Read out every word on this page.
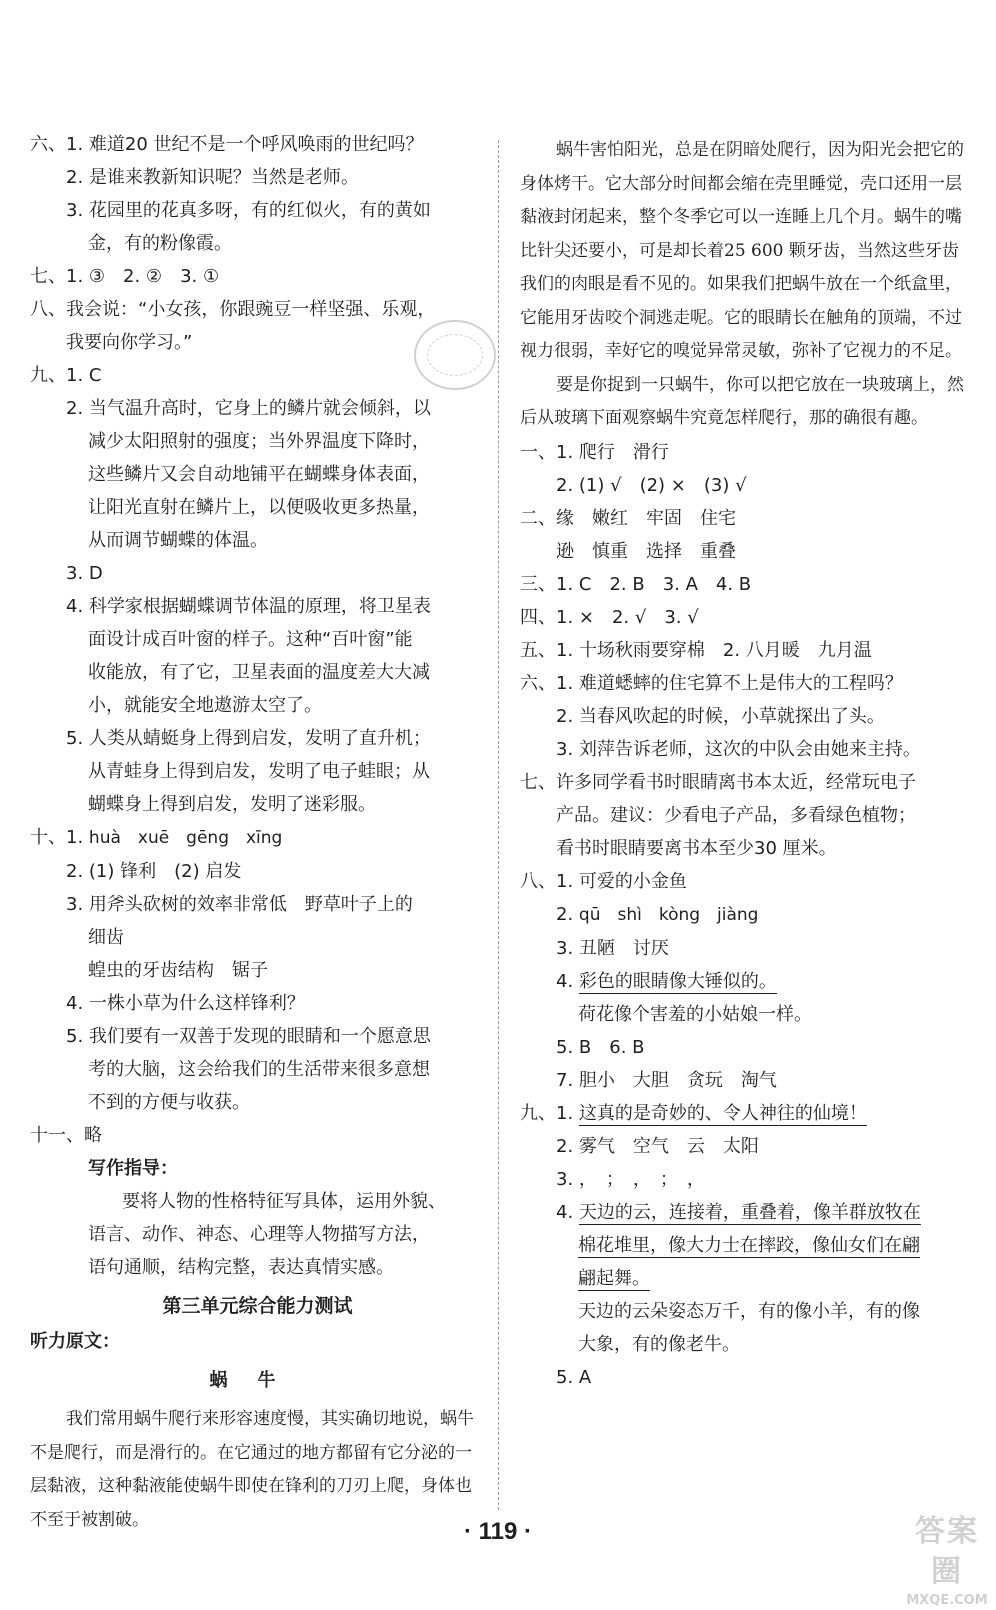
六、1. 难道20 世纪不是一个呼风唤雨的世纪吗？
2. 是谁来教新知识呢？当然是老师。
3. 花园里的花真多呀，有的红似火，有的黄如
金，有的粉像霞。
七、1. ③　2. ②　3. ①
八、我会说：“小女孩，你跟豌豆一样坚强、乐观，
我要向你学习。”
九、1. C
2. 当气温升高时，它身上的鳞片就会倾斜，以
减少太阳照射的强度；当外界温度下降时，
这些鳞片又会自动地铺平在蝴蝶身体表面，
让阳光直射在鳞片上，以便吸收更多热量，
从而调节蝴蝶的体温。
3. D
4. 科学家根据蝴蝶调节体温的原理，将卫星表
面设计成百叶窗的样子。这种“百叶窗”能
收能放，有了它，卫星表面的温度差大大减
小，就能安全地遨游太空了。
5. 人类从蜻蜓身上得到启发，发明了直升机；
从青蛙身上得到启发，发明了电子蛙眼；从
蝴蝶身上得到启发，发明了迷彩服。
十、1. huà　xuē　gēng　xīng
2. (1) 锋利　(2) 启发
3. 用斧头砍树的效率非常低　野草叶子上的
细齿
蝗虫的牙齿结构　锯子
4. 一株小草为什么这样锋利？
5. 我们要有一双善于发现的眼睛和一个愿意思
考的大脑，这会给我们的生活带来很多意想
不到的方便与收获。
十一、略
写作指导：
要将人物的性格特征写具体，运用外貌、
语言、动作、神态、心理等人物描写方法，
语句通顺，结构完整，表达真情实感。
第三单元综合能力测试
听力原文：
蜗牛
我们常用蜗牛爬行来形容速度慢，其实确切地说，蜗牛不是爬行，而是滑行的。在它通过的地方都留有它分泌的一层黏液，这种黏液能使蜗牛即使在锋利的刀刃上爬，身体也不至于被割破。
蜗牛害怕阳光，总是在阴暗处爬行，因为阳光会把它的身体烤干。它大部分时间都会缩在壳里睡觉，壳口还用一层黏液封闭起来，整个冬季它可以一连睡上几个月。蜗牛的嘴比针尖还要小，可是却长着25 600 颗牙齿，当然这些牙齿我们的肉眼是看不见的。如果我们把蜗牛放在一个纸盒里，它能用牙齿咬个洞逃走呢。它的眼睛长在触角的顶端，不过视力很弱，幸好它的嗅觉异常灵敏，弥补了它视力的不足。
要是你捉到一只蜗牛，你可以把它放在一块玻璃上，然后从玻璃下面观察蜗牛究竟怎样爬行，那的确很有趣。
一、1. 爬行　滑行
2. (1) √　(2) ×　(3) √
二、缘　嫩红　牢固　住宅
逊　慎重　选择　重叠
三、1. C　2. B　3. A　4. B
四、1. ×　2. √　3. √
五、1. 十场秋雨要穿棉　2. 八月暖　九月温
六、1. 难道蟋蟀的住宅算不上是伟大的工程吗？
2. 当春风吹起的时候，小草就探出了头。
3. 刘萍告诉老师，这次的中队会由她来主持。
七、许多同学看书时眼睛离书本太近，经常玩电子
产品。建议：少看电子产品，多看绿色植物；
看书时眼睛要离书本至少30 厘米。
八、1. 可爱的小金鱼
2. qū　shì　kòng　jiàng
3. 丑陋　讨厌
4. 彩色的眼睛像大锤似的。
荷花像个害羞的小姑娘一样。
5. B　6. B
7. 胆小　大胆　贪玩　淘气
九、1. 这真的是奇妙的、令人神往的仙境！
2. 雾气　空气　云　太阳
3. ，　；　，　；　，
4. 天边的云，连接着，重叠着，像羊群放牧在
棉花堆里，像大力士在摔跤，像仙女们在翩
翩起舞。
天边的云朵姿态万千，有的像小羊，有的像
大象，有的像老牛。
5. A
· 119 ·	答案圈
MXQE.COM
